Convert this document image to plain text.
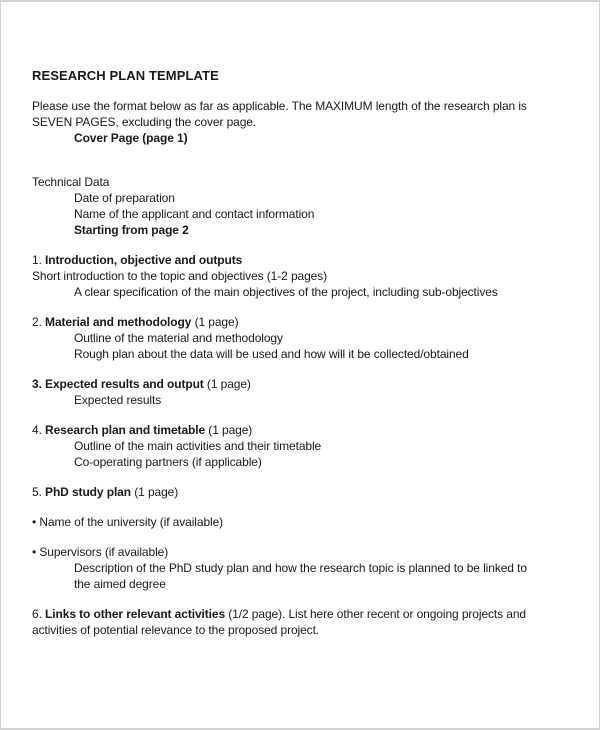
RESEARCH PLAN TEMPLATE
Please use the format below as far as applicable. The MAXIMUM length of the research plan is
SEVEN PAGES, excluding the cover page.
Cover Page (page 1)
Technical Data
Date of preparation
Name of the applicant and contact information
Starting from page 2
1. Introduction, objective and outputs
Short introduction to the topic and objectives (1-2 pages)
A clear specification of the main objectives of the project, including sub-objectives
2. Material and methodology (1 page)
Outline of the material and methodology
Rough plan about the data will be used and how will it be collected/obtained
3. Expected results and output (1 page)
Expected results
4. Research plan and timetable (1 page)
Outline of the main activities and their timetable
Co-operating partners (if applicable)
5. PhD study plan (1 page)
• Name of the university (if available)
• Supervisors (if available)
Description of the PhD study plan and how the research topic is planned to be linked to
the aimed degree
6. Links to other relevant activities (1/2 page). List here other recent or ongoing projects and
activities of potential relevance to the proposed project.
